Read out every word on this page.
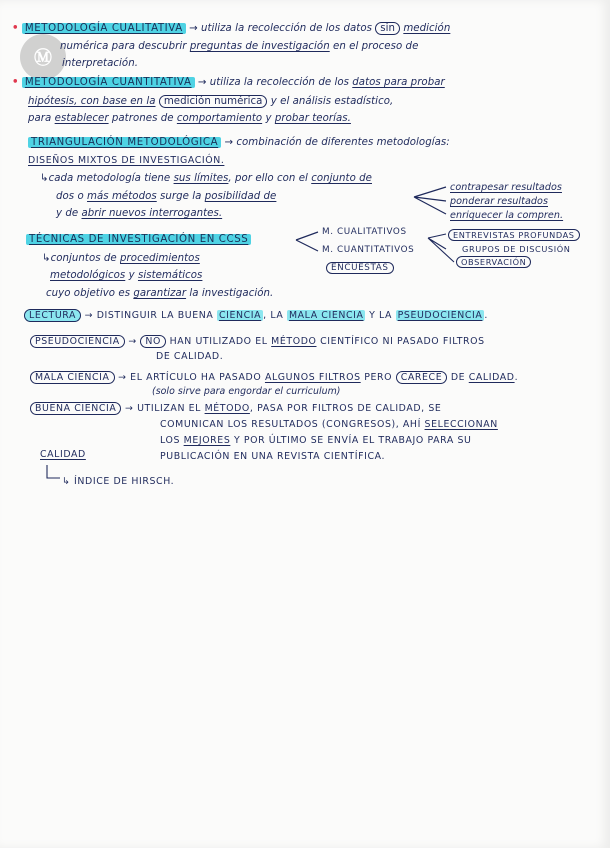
Ⓜ
• METODOLOGÍA CUALITATIVA → utiliza la recolección de los datos sin medición
numérica para descubrir preguntas de investigación en el proceso de
interpretación.
• METODOLOGÍA CUANTITATIVA → utiliza la recolección de los datos para probar
hipótesis, con base en la medición numérica y el análisis estadístico,
para establecer patrones de comportamiento y probar teorías.
TRIANGULACIÓN METODOLÓGICA → combinación de diferentes metodologías:
DISEÑOS MIXTOS DE INVESTIGACIÓN.
↳cada metodología tiene sus límites, por ello con el conjunto de
dos o más métodos surge la posibilidad de
y de abrir nuevos interrogantes.
contrapesar resultados
ponderar resultados
enriquecer la compren.
TÉCNICAS DE INVESTIGACIÓN EN CCSS
M. CUALITATIVOS
M. CUANTITATIVOS
ENCUESTAS
ENTREVISTAS PROFUNDAS
GRUPOS DE DISCUSIÓN
OBSERVACIÓN
↳conjuntos de procedimientos
metodológicos y sistemáticos
cuyo objetivo es garantizar la investigación.
LECTURA → DISTINGUIR LA BUENA CIENCIA , LA MALA CIENCIA Y LA PSEUDOCIENCIA .
PSEUDOCIENCIA → NO HAN UTILIZADO EL MÉTODO CIENTÍFICO NI PASADO FILTROS
DE CALIDAD.
MALA CIENCIA → EL ARTÍCULO HA PASADO ALGUNOS FILTROS PERO CARECE DE CALIDAD.
(solo sirve para engordar el curriculum)
BUENA CIENCIA → UTILIZAN EL MÉTODO, PASA POR FILTROS DE CALIDAD, SE
COMUNICAN LOS RESULTADOS (CONGRESOS), AHÍ SELECCIONAN
LOS MEJORES Y POR ÚLTIMO SE ENVÍA EL TRABAJO PARA SU
PUBLICACIÓN EN UNA REVISTA CIENTÍFICA.
CALIDAD
↳ ÍNDICE DE HIRSCH.
